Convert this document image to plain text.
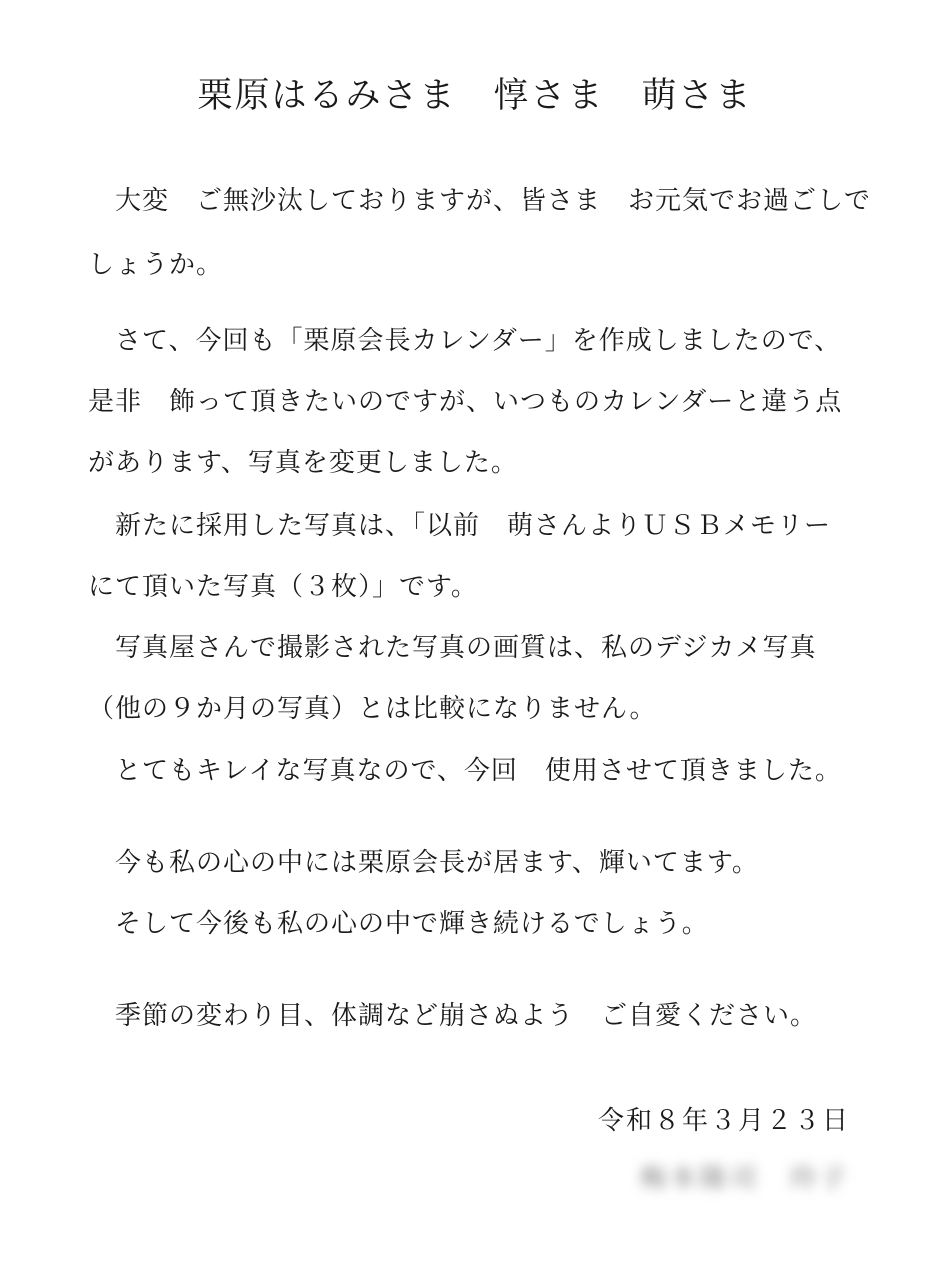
栗原はるみさま　惇さま　萌さま
　大変　ご無沙汰しておりますが、皆さま　お元気でお過ごしで
しょうか。
　さて、今回も「栗原会長カレンダー」を作成しましたので、
是非　飾って頂きたいのですが、いつものカレンダーと違う点
があります、写真を変更しました。
　新たに採用した写真は、「以前　萌さんよりＵＳＢメモリー
にて頂いた写真（３枚）」です。
　写真屋さんで撮影された写真の画質は、私のデジカメ写真
（他の９か月の写真）とは比較になりません。
　とてもキレイな写真なので、今回　使用させて頂きました。
　今も私の心の中には栗原会長が居ます、輝いてます。
　そして今後も私の心の中で輝き続けるでしょう。
　季節の変わり目、体調など崩さぬよう　ご自愛ください。
令和８年３月２３日
梅本隆司　玲子
